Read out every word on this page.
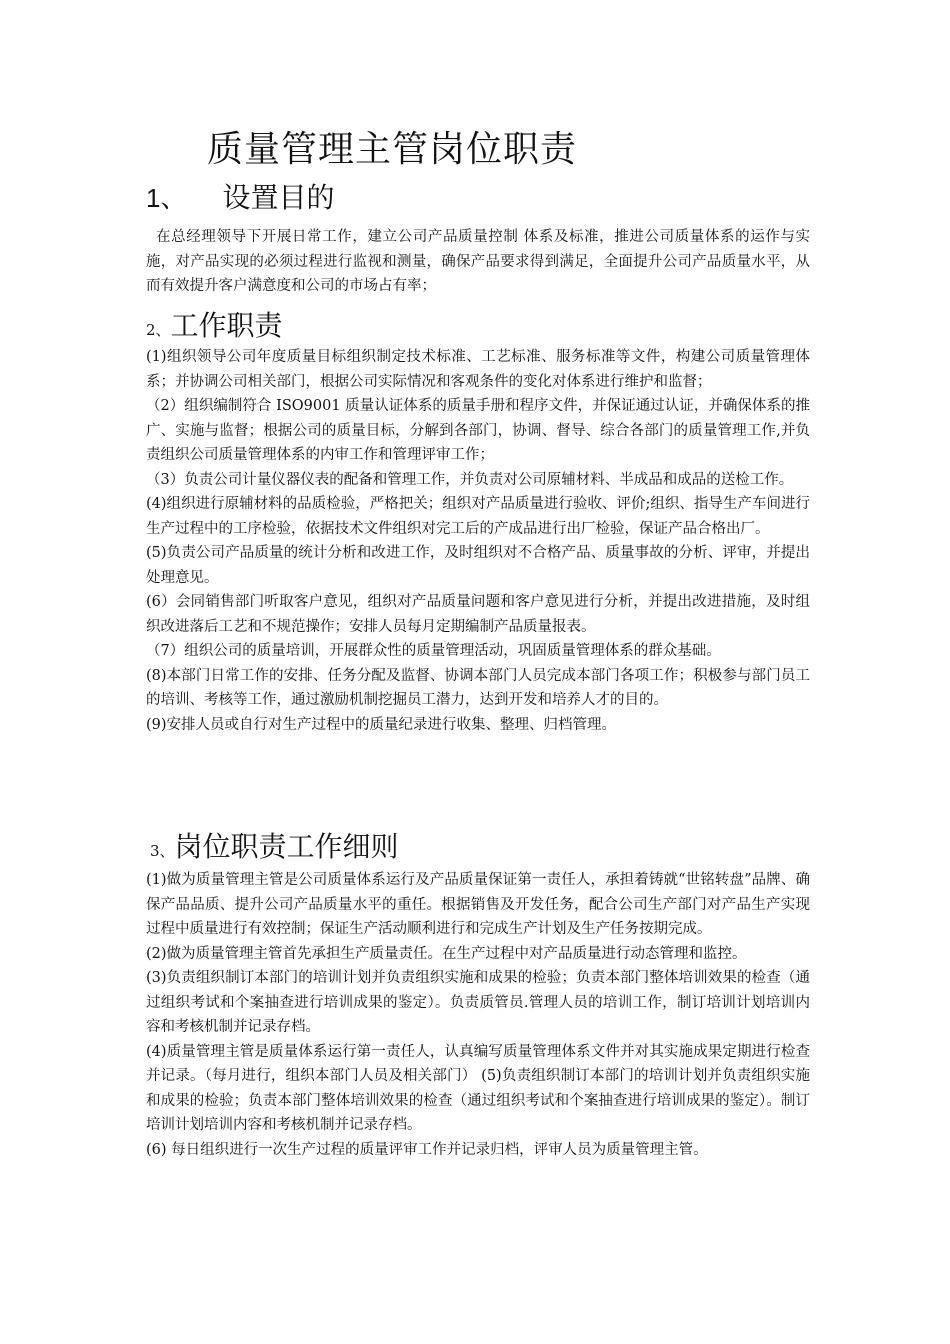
质量管理主管岗位职责
1、 设置目的

在总经理领导下开展日常工作，建立公司产品质量控制 体系及标准，推进公司质量体系的运作与实施，对产品实现的必须过程进行监视和测量，确保产品要求得到满足，全面提升公司产品质量水平，从而有效提升客户满意度和公司的市场占有率；

2、工作职责

(1)组织领导公司年度质量目标组织制定技术标准、工艺标准、服务标准等文件，构建公司质量管理体系；并协调公司相关部门，根据公司实际情况和客观条件的变化对体系进行维护和监督；

（2）组织编制符合 ISO9001 质量认证体系的质量手册和程序文件，并保证通过认证，并确保体系的推广、实施与监督；根据公司的质量目标，分解到各部门，协调、督导、综合各部门的质量管理工作,并负责组织公司质量管理体系的内审工作和管理评审工作；

（3）负责公司计量仪器仪表的配备和管理工作，并负责对公司原辅材料、半成品和成品的送检工作。

(4)组织进行原辅材料的品质检验，严格把关；组织对产品质量进行验收、评价;组织、指导生产车间进行生产过程中的工序检验，依据技术文件组织对完工后的产成品进行出厂检验，保证产品合格出厂。

(5)负责公司产品质量的统计分析和改进工作，及时组织对不合格产品、质量事故的分析、评审，并提出处理意见。

(6）会同销售部门听取客户意见，组织对产品质量问题和客户意见进行分析，并提出改进措施，及时组织改进落后工艺和不规范操作；安排人员每月定期编制产品质量报表。

（7）组织公司的质量培训，开展群众性的质量管理活动，巩固质量管理体系的群众基础。

(8)本部门日常工作的安排、任务分配及监督、协调本部门人员完成本部门各项工作；积极参与部门员工的培训、考核等工作，通过激励机制挖掘员工潜力，达到开发和培养人才的目的。

(9)安排人员或自行对生产过程中的质量纪录进行收集、整理、归档管理。

3、岗位职责工作细则

(1)做为质量管理主管是公司质量体系运行及产品质量保证第一责任人，承担着铸就“世铭转盘”品牌、确保产品品质、提升公司产品质量水平的重任。根据销售及开发任务，配合公司生产部门对产品生产实现过程中质量进行有效控制；保证生产活动顺利进行和完成生产计划及生产任务按期完成。

(2)做为质量管理主管首先承担生产质量责任。在生产过程中对产品质量进行动态管理和监控。

(3)负责组织制订本部门的培训计划并负责组织实施和成果的检验；负责本部门整体培训效果的检查（通过组织考试和个案抽查进行培训成果的鉴定）。负责质管员.管理人员的培训工作，制订培训计划培训内容和考核机制并记录存档。

(4)质量管理主管是质量体系运行第一责任人，认真编写质量管理体系文件并对其实施成果定期进行检查并记录。（每月进行，组织本部门人员及相关部门） (5)负责组织制订本部门的培训计划并负责组织实施和成果的检验；负责本部门整体培训效果的检查（通过组织考试和个案抽查进行培训成果的鉴定）。制订培训计划培训内容和考核机制并记录存档。

(6) 每日组织进行一次生产过程的质量评审工作并记录归档，评审人员为质量管理主管。
